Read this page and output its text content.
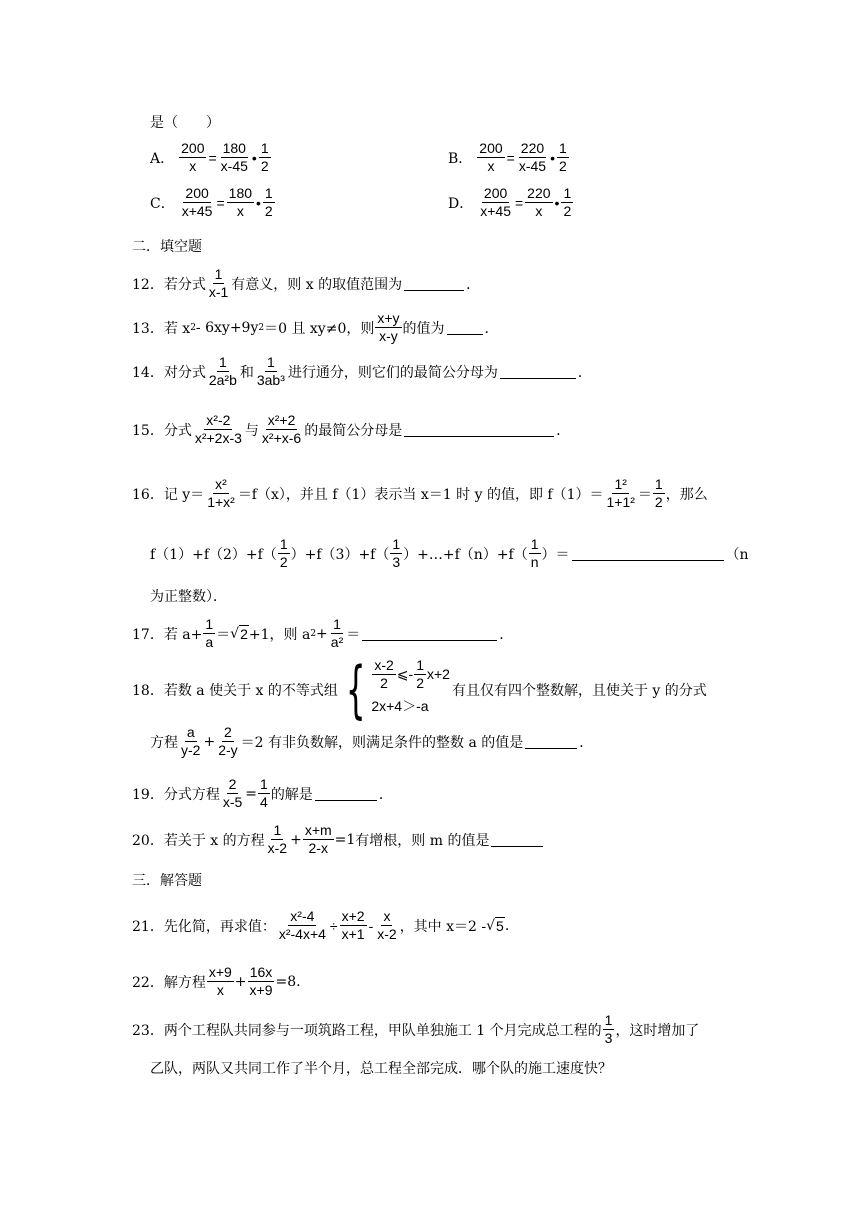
是（　　）
A． $\frac{200}{x} = \frac{180}{x-45}$ • $\frac{1}{2}$	B． $\frac{200}{x} = \frac{220}{x-45}$ • $\frac{1}{2}$
C． $\frac{200}{x+45} = \frac{180}{x}$ • $\frac{1}{2}$	D． $\frac{200}{x+45} = \frac{220}{x}$ • $\frac{1}{2}$
二．填空题
12． 若分式 $\frac{1}{x-1}$ 有意义，则 x 的取值范围为	．
13． 若 x 2 - 6xy+9y 2 ＝0 且 xy≠0，则 $\frac{x+y}{x-y}$ 的值为	．
14． 对分式 $\frac{1}{\text{2a²b}}$ 和 $\frac{1}{\text{3ab³}}$ 进行通分，则它们的最简公分母为	．
15． 分式 $\frac{\text{x²-2}}{\text{x²+2x-3}}$ 与 $\frac{\text{x²+2}}{\text{x²+x-6}}$ 的最简公分母是	．
16． 记 $y= \frac{\text{x²}}{\text{1+x²}} =f(x)$，并且 f（1）表示当 x＝1 时 y 的值，即 $f(1)= \frac{\text{1²}}{\text{1+1²}} = \frac{1}{2}$ ，那么
$f(1)+f(2)+f( \frac{1}{2} )+f(3)+f( \frac{1}{3}$ ）+…+f（n）+f（ $\frac{1}{n}$ ）＝	（n
为正整数）．
17． 若 $a+ \frac{1}{a}$ ＝ √ 2 +1，则 a $2 + \frac{1}{\text{a²}}$ ＝	．
18． 若数 a 使关于 x 的不等式组 { $\frac{x-2}{2}$ ⩽- $\frac{1}{2} x+2$
2x+4＞-a
有且仅有四个整数解，且使关于 y 的分式
方程 $\frac{a}{y-2} + \frac{2}{2-y} =2$ 有非负数解，则满足条件的整数 a 的值是	．
19． 分式方程 $\frac{2}{x-5} = \frac{1}{4}$ 的解是	．
20． 若关于 x 的方程 $\frac{1}{x-2} + \frac{x+m}{2-x} =1$ 有增根，则 m 的值是
三．解答题
21． 先化简，再求值： $\frac{\text{x²-4}}{\text{x²-4x+4}} \div \frac{x+2}{x+1} - \frac{x}{x-2}$ ，其中 x＝2 - √ 5 .
22． 解方程 $\frac{x+9}{x} + \frac{16x}{x+9} =8$.
23． 两个工程队共同参与一项筑路工程，甲队单独施工 1 个月完成总工程的 $\frac{1}{3}$ ，这时增加了
乙队，两队又共同工作了半个月，总工程全部完成．哪个队的施工速度快？
